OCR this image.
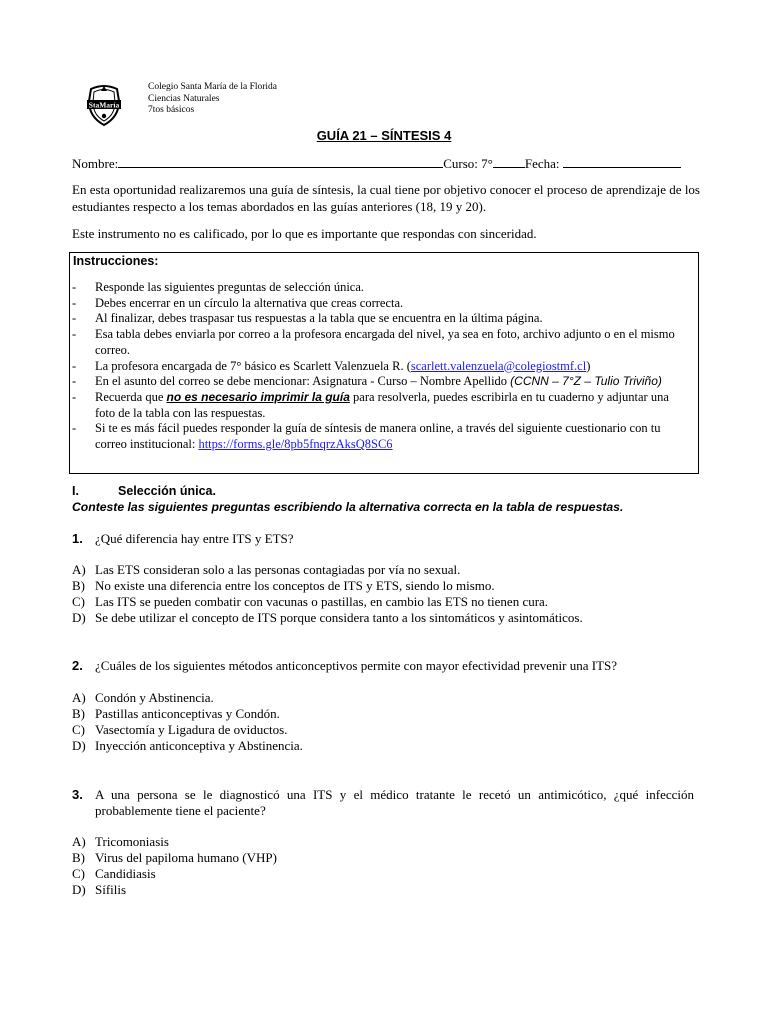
StaMaría
Colegio Santa María de la Florida
Ciencias Naturales
7tos básicos
GUÍA 21 – SÍNTESIS 4
Nombre:	Curso: 7° Fecha:
En esta oportunidad realizaremos una guía de síntesis, la cual tiene por objetivo conocer el proceso de aprendizaje de los estudiantes respecto a los temas abordados en las guías anteriores (18, 19 y 20).
Este instrumento no es calificado, por lo que es importante que respondas con sinceridad.
Instrucciones:
- Responde las siguientes preguntas de selección única.
- Debes encerrar en un círculo la alternativa que creas correcta.
- Al finalizar, debes traspasar tus respuestas a la tabla que se encuentra en la última página.
- Esa tabla debes enviarla por correo a la profesora encargada del nivel, ya sea en foto, archivo adjunto o en el mismo correo.
- La profesora encargada de 7° básico es Scarlett Valenzuela R. (scarlett.valenzuela@colegiostmf.cl)
- En el asunto del correo se debe mencionar: Asignatura - Curso – Nombre Apellido (CCNN – 7°Z – Tulio Triviño)
- Recuerda que no es necesario imprimir la guía para resolverla, puedes escribirla en tu cuaderno y adjuntar una foto de la tabla con las respuestas.
- Si te es más fácil puedes responder la guía de síntesis de manera online, a través del siguiente cuestionario con tu correo institucional: https://forms.gle/8pb5fnqrzAksQ8SC6
I.	Selección única.
Conteste las siguientes preguntas escribiendo la alternativa correcta en la tabla de respuestas.
1. ¿Qué diferencia hay entre ITS y ETS?
A) Las ETS consideran solo a las personas contagiadas por vía no sexual.
B) No existe una diferencia entre los conceptos de ITS y ETS, siendo lo mismo.
C) Las ITS se pueden combatir con vacunas o pastillas, en cambio las ETS no tienen cura.
D) Se debe utilizar el concepto de ITS porque considera tanto a los sintomáticos y asintomáticos.
2. ¿Cuáles de los siguientes métodos anticonceptivos permite con mayor efectividad prevenir una ITS?
A) Condón y Abstinencia.
B) Pastillas anticonceptivas y Condón.
C) Vasectomía y Ligadura de oviductos.
D) Inyección anticonceptiva y Abstinencia.
3. A una persona se le diagnosticó una ITS y el médico tratante le recetó un antimicótico, ¿qué infección probablemente tiene el paciente?
A) Tricomoniasis
B) Virus del papiloma humano (VHP)
C) Candidiasis
D) Sífilis
